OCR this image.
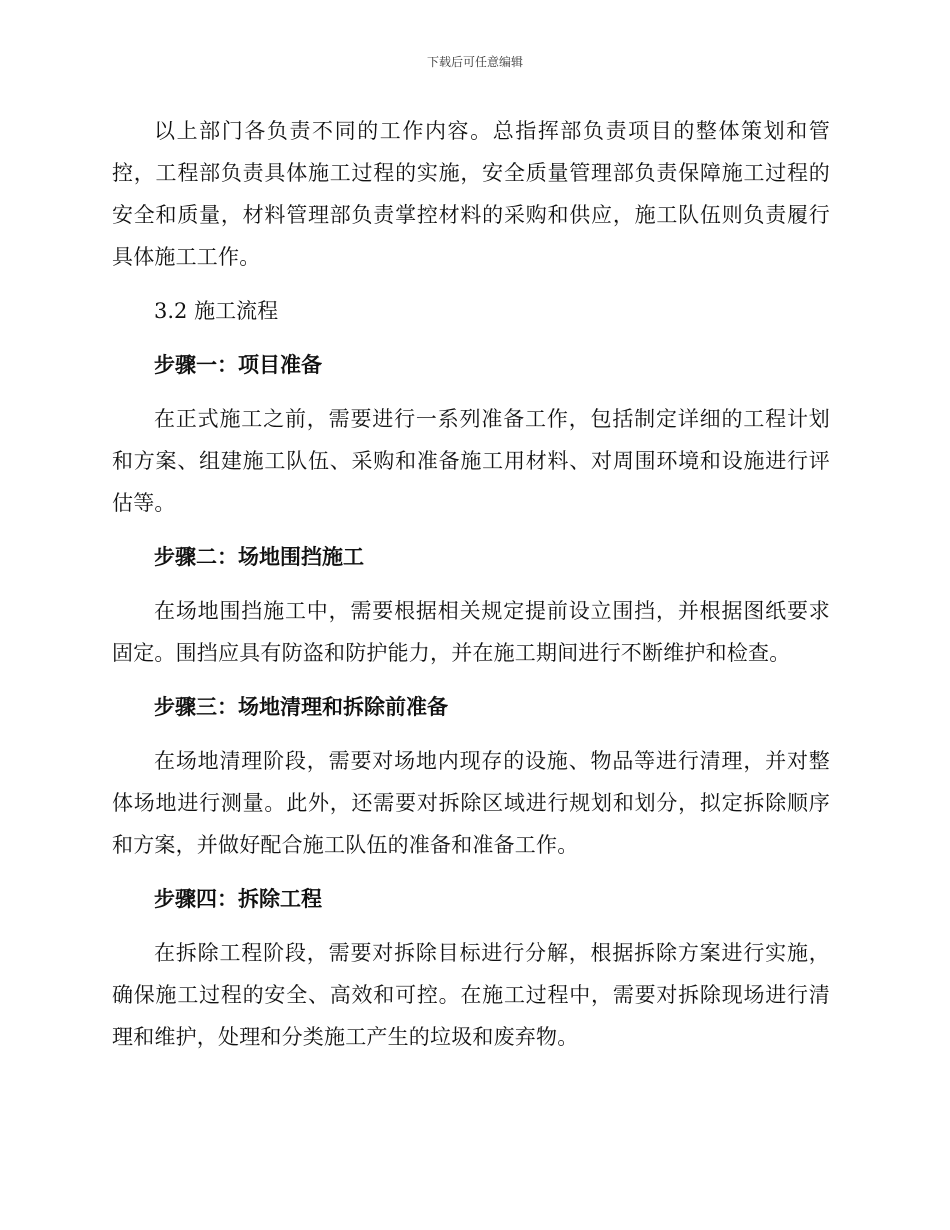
下载后可任意编辑

以上部门各负责不同的工作内容。总指挥部负责项目的整体策划和管控，工程部负责具体施工过程的实施，安全质量管理部负责保障施工过程的安全和质量，材料管理部负责掌控材料的采购和供应，施工队伍则负责履行具体施工工作。

3.2 施工流程

步骤一：项目准备

在正式施工之前，需要进行一系列准备工作，包括制定详细的工程计划和方案、组建施工队伍、采购和准备施工用材料、对周围环境和设施进行评估等。

步骤二：场地围挡施工

在场地围挡施工中，需要根据相关规定提前设立围挡，并根据图纸要求固定。围挡应具有防盗和防护能力，并在施工期间进行不断维护和检查。

步骤三：场地清理和拆除前准备

在场地清理阶段，需要对场地内现存的设施、物品等进行清理，并对整体场地进行测量。此外，还需要对拆除区域进行规划和划分，拟定拆除顺序和方案，并做好配合施工队伍的准备和准备工作。

步骤四：拆除工程

在拆除工程阶段，需要对拆除目标进行分解，根据拆除方案进行实施，确保施工过程的安全、高效和可控。在施工过程中，需要对拆除现场进行清理和维护，处理和分类施工产生的垃圾和废弃物。
